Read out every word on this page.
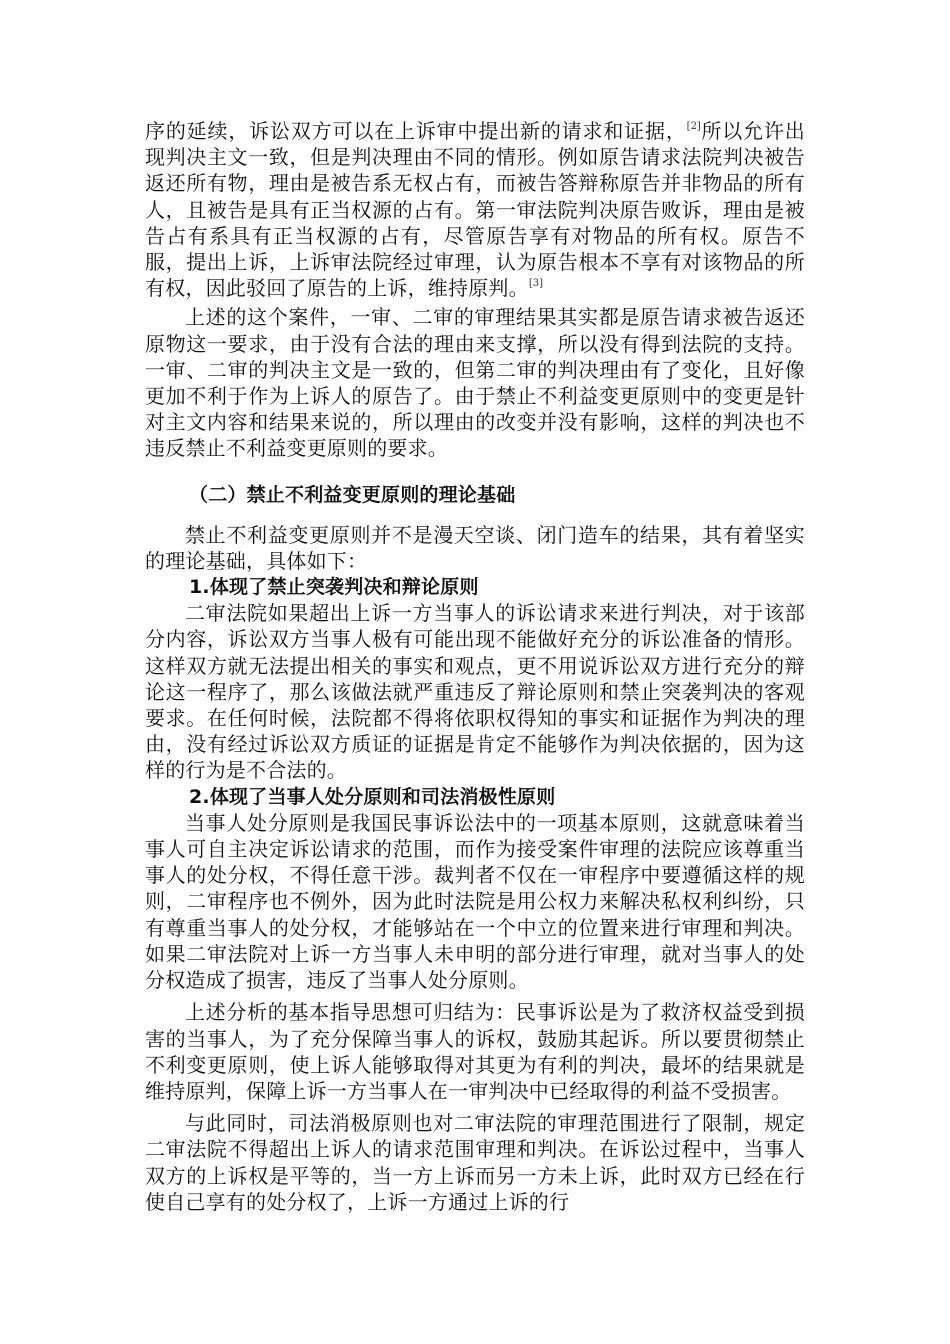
序的延续，诉讼双方可以在上诉审中提出新的请求和证据，[2]所以允许出现判决主文一致，但是判决理由不同的情形。例如原告请求法院判决被告返还所有物，理由是被告系无权占有，而被告答辩称原告并非物品的所有人，且被告是具有正当权源的占有。第一审法院判决原告败诉，理由是被告占有系具有正当权源的占有，尽管原告享有对物品的所有权。原告不服，提出上诉，上诉审法院经过审理，认为原告根本不享有对该物品的所有权，因此驳回了原告的上诉，维持原判。[3]

上述的这个案件，一审、二审的审理结果其实都是原告请求被告返还原物这一要求，由于没有合法的理由来支撑，所以没有得到法院的支持。一审、二审的判决主文是一致的，但第二审的判决理由有了变化，且好像更加不利于作为上诉人的原告了。由于禁止不利益变更原则中的变更是针对主文内容和结果来说的，所以理由的改变并没有影响，这样的判决也不违反禁止不利益变更原则的要求。

（二）禁止不利益变更原则的理论基础

禁止不利益变更原则并不是漫天空谈、闭门造车的结果，其有着坚实的理论基础，具体如下：

1.体现了禁止突袭判决和辩论原则

二审法院如果超出上诉一方当事人的诉讼请求来进行判决，对于该部分内容，诉讼双方当事人极有可能出现不能做好充分的诉讼准备的情形。这样双方就无法提出相关的事实和观点，更不用说诉讼双方进行充分的辩论这一程序了，那么该做法就严重违反了辩论原则和禁止突袭判决的客观要求。在任何时候，法院都不得将依职权得知的事实和证据作为判决的理由，没有经过诉讼双方质证的证据是肯定不能够作为判决依据的，因为这样的行为是不合法的。

2.体现了当事人处分原则和司法消极性原则

当事人处分原则是我国民事诉讼法中的一项基本原则，这就意味着当事人可自主决定诉讼请求的范围，而作为接受案件审理的法院应该尊重当事人的处分权，不得任意干涉。裁判者不仅在一审程序中要遵循这样的规则，二审程序也不例外，因为此时法院是用公权力来解决私权利纠纷，只有尊重当事人的处分权，才能够站在一个中立的位置来进行审理和判决。如果二审法院对上诉一方当事人未申明的部分进行审理，就对当事人的处分权造成了损害，违反了当事人处分原则。

上述分析的基本指导思想可归结为：民事诉讼是为了救济权益受到损害的当事人，为了充分保障当事人的诉权，鼓励其起诉。所以要贯彻禁止不利变更原则，使上诉人能够取得对其更为有利的判决，最坏的结果就是维持原判，保障上诉一方当事人在一审判决中已经取得的利益不受损害。

与此同时，司法消极原则也对二审法院的审理范围进行了限制，规定二审法院不得超出上诉人的请求范围审理和判决。在诉讼过程中，当事人双方的上诉权是平等的，当一方上诉而另一方未上诉，此时双方已经在行使自己享有的处分权了，上诉一方通过上诉的行
